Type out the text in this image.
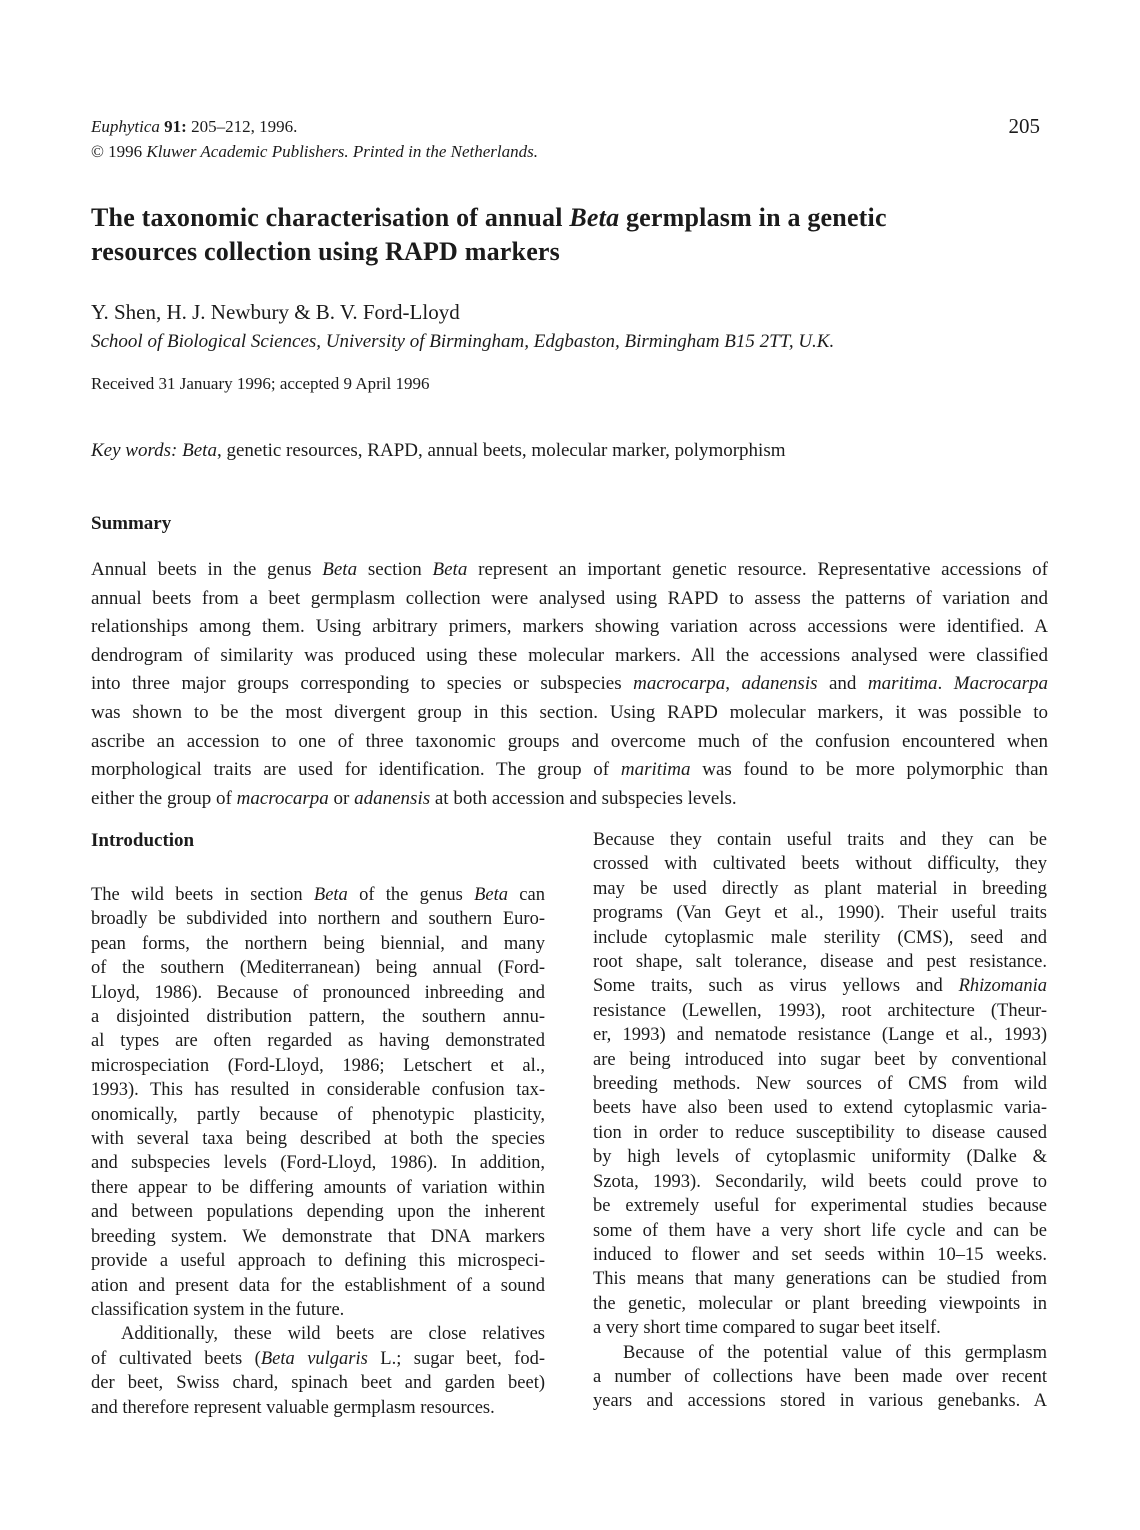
Euphytica 91: 205–212, 1996.
© 1996 Kluwer Academic Publishers. Printed in the Netherlands.
205
The taxonomic characterisation of annual Beta germplasm in a genetic
resources collection using RAPD markers
Y. Shen, H. J. Newbury & B. V. Ford-Lloyd
School of Biological Sciences, University of Birmingham, Edgbaston, Birmingham B15 2TT, U.K.
Received 31 January 1996; accepted 9 April 1996
Key words: Beta, genetic resources, RAPD, annual beets, molecular marker, polymorphism
Summary
Annual beets in the genus Beta section Beta represent an important genetic resource. Representative accessions of
annual beets from a beet germplasm collection were analysed using RAPD to assess the patterns of variation and
relationships among them. Using arbitrary primers, markers showing variation across accessions were identified. A
dendrogram of similarity was produced using these molecular markers. All the accessions analysed were classified
into three major groups corresponding to species or subspecies macrocarpa, adanensis and maritima. Macrocarpa
was shown to be the most divergent group in this section. Using RAPD molecular markers, it was possible to
ascribe an accession to one of three taxonomic groups and overcome much of the confusion encountered when
morphological traits are used for identification. The group of maritima was found to be more polymorphic than
either the group of macrocarpa or adanensis at both accession and subspecies levels.
Introduction
The wild beets in section Beta of the genus Beta can
broadly be subdivided into northern and southern Euro-
pean forms, the northern being biennial, and many
of the southern (Mediterranean) being annual (Ford-
Lloyd, 1986). Because of pronounced inbreeding and
a disjointed distribution pattern, the southern annu-
al types are often regarded as having demonstrated
microspeciation (Ford-Lloyd, 1986; Letschert et al.,
1993). This has resulted in considerable confusion tax-
onomically, partly because of phenotypic plasticity,
with several taxa being described at both the species
and subspecies levels (Ford-Lloyd, 1986). In addition,
there appear to be differing amounts of variation within
and between populations depending upon the inherent
breeding system. We demonstrate that DNA markers
provide a useful approach to defining this microspeci-
ation and present data for the establishment of a sound
classification system in the future.
Additionally, these wild beets are close relatives
of cultivated beets (Beta vulgaris L.; sugar beet, fod-
der beet, Swiss chard, spinach beet and garden beet)
and therefore represent valuable germplasm resources.
Because they contain useful traits and they can be
crossed with cultivated beets without difficulty, they
may be used directly as plant material in breeding
programs (Van Geyt et al., 1990). Their useful traits
include cytoplasmic male sterility (CMS), seed and
root shape, salt tolerance, disease and pest resistance.
Some traits, such as virus yellows and Rhizomania
resistance (Lewellen, 1993), root architecture (Theur-
er, 1993) and nematode resistance (Lange et al., 1993)
are being introduced into sugar beet by conventional
breeding methods. New sources of CMS from wild
beets have also been used to extend cytoplasmic varia-
tion in order to reduce susceptibility to disease caused
by high levels of cytoplasmic uniformity (Dalke &
Szota, 1993). Secondarily, wild beets could prove to
be extremely useful for experimental studies because
some of them have a very short life cycle and can be
induced to flower and set seeds within 10–15 weeks.
This means that many generations can be studied from
the genetic, molecular or plant breeding viewpoints in
a very short time compared to sugar beet itself.
Because of the potential value of this germplasm
a number of collections have been made over recent
years and accessions stored in various genebanks. A
